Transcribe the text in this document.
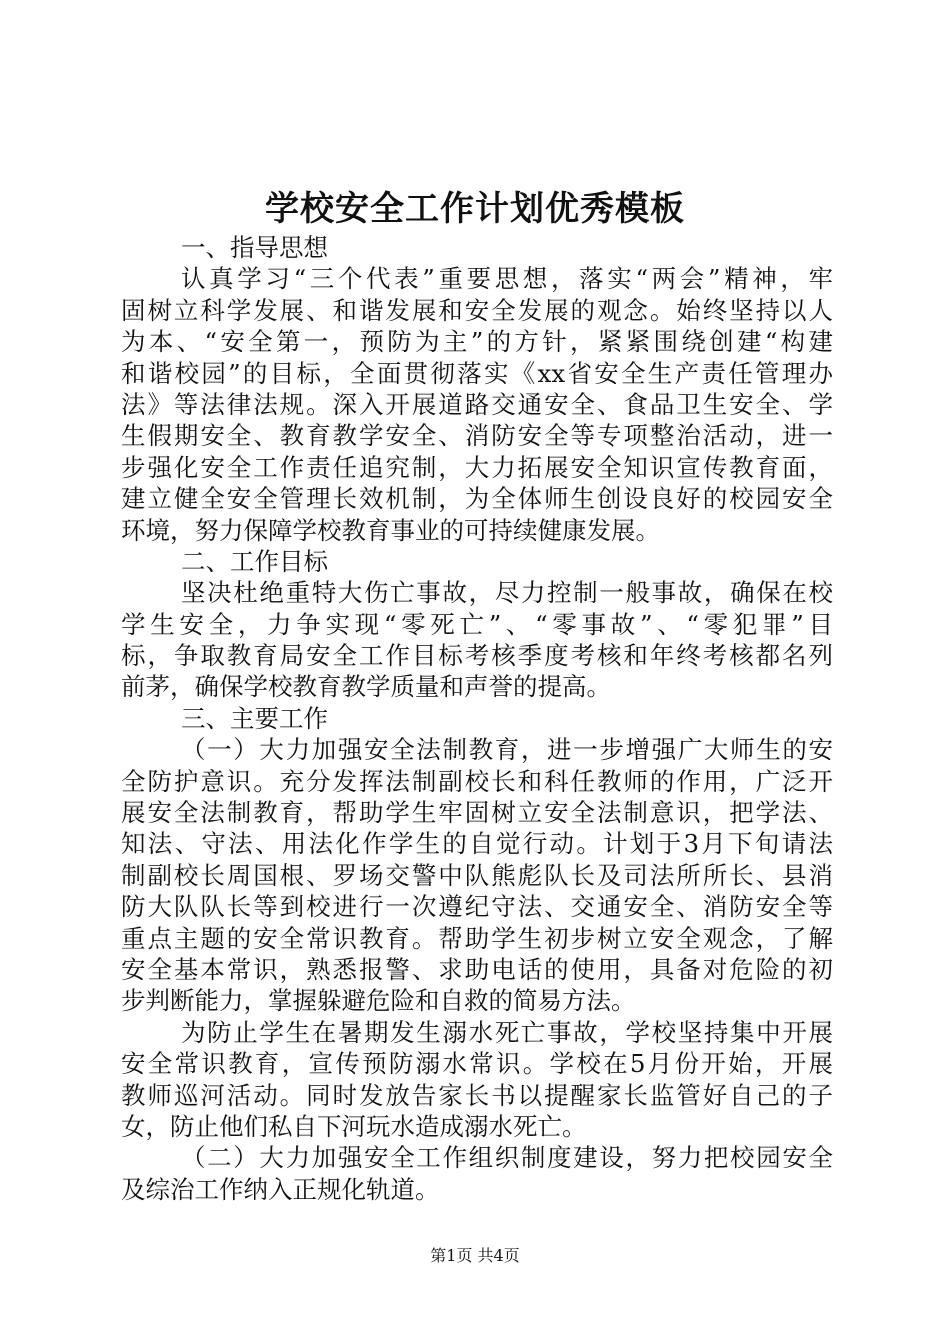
学校安全工作计划优秀模板
一、指导思想
认真学习“三个代表”重要思想，落实“两会”精神，牢
固树立科学发展、和谐发展和安全发展的观念。始终坚持以人
为本、“安全第一，预防为主”的方针，紧紧围绕创建“构建
和谐校园”的目标，全面贯彻落实《xx省安全生产责任管理办
法》等法律法规。深入开展道路交通安全、食品卫生安全、学
生假期安全、教育教学安全、消防安全等专项整治活动，进一
步强化安全工作责任追究制，大力拓展安全知识宣传教育面，
建立健全安全管理长效机制，为全体师生创设良好的校园安全
环境，努力保障学校教育事业的可持续健康发展。
二、工作目标
坚决杜绝重特大伤亡事故，尽力控制一般事故，确保在校
学生安全，力争实现“零死亡”、“零事故”、“零犯罪”目
标，争取教育局安全工作目标考核季度考核和年终考核都名列
前茅，确保学校教育教学质量和声誉的提高。
三、主要工作
（一）大力加强安全法制教育，进一步增强广大师生的安
全防护意识。充分发挥法制副校长和科任教师的作用，广泛开
展安全法制教育，帮助学生牢固树立安全法制意识，把学法、
知法、守法、用法化作学生的自觉行动。计划于3月下旬请法
制副校长周国根、罗场交警中队熊彪队长及司法所所长、县消
防大队队长等到校进行一次遵纪守法、交通安全、消防安全等
重点主题的安全常识教育。帮助学生初步树立安全观念，了解
安全基本常识，熟悉报警、求助电话的使用，具备对危险的初
步判断能力，掌握躲避危险和自救的简易方法。
为防止学生在暑期发生溺水死亡事故，学校坚持集中开展
安全常识教育，宣传预防溺水常识。学校在5月份开始，开展
教师巡河活动。同时发放告家长书以提醒家长监管好自己的子
女，防止他们私自下河玩水造成溺水死亡。
（二）大力加强安全工作组织制度建设，努力把校园安全
及综治工作纳入正规化轨道。
第1页 共4页
